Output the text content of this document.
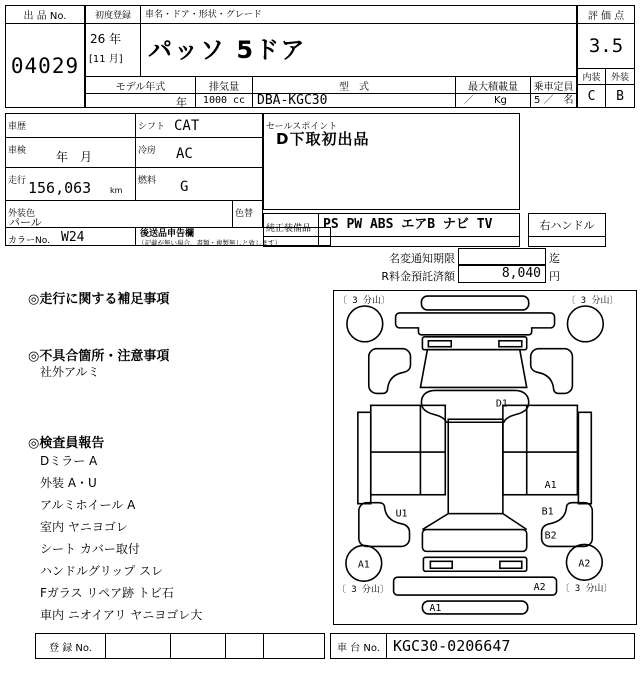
出 品 No.
04029
初度登録	車名・ドア・形状・グレード
26 年
[11 月] パッソ 5ドア
モデル年式	排気量	型　式	最大積載量	乗車定員
年	1000 cc DBA-KGC30	／　　Kg	5 ／　名
評 価 点
3.5
内装	外装
C	B
車歴	シフト CAT
車検 年　月	冷房 AC
走行 156,063 km
燃料 G
外装色
パール
色替
カラーNo. W24	後送品申告欄
（記載が無い場合、書類・複製無しと致します）
セールスポイント
D下取初出品
純正装備品 PS PW ABS エアB ナビ TV	右ハンドル
名変通知期限	迄
R料金預託済額	8,040 円
◎走行に関する補足事項
◎不具合箇所・注意事項
社外アルミ
◎検査員報告
Dミラー A
外装 A・U
アルミホイール A
室内 ヤニヨゴレ
シート カバー取付
ハンドルグリップ スレ
Fガラス リペア跡 トビ石
車内 ニオイアリ ヤニヨゴレ大
〔 3 分山〕	〔 3 分山〕
〔 3 分山〕	〔 3 分山〕
D1
A1
U1	B1
B2
A1	A2
A2
A1
登 録 No.	車 台 No. KGC30-0206647
